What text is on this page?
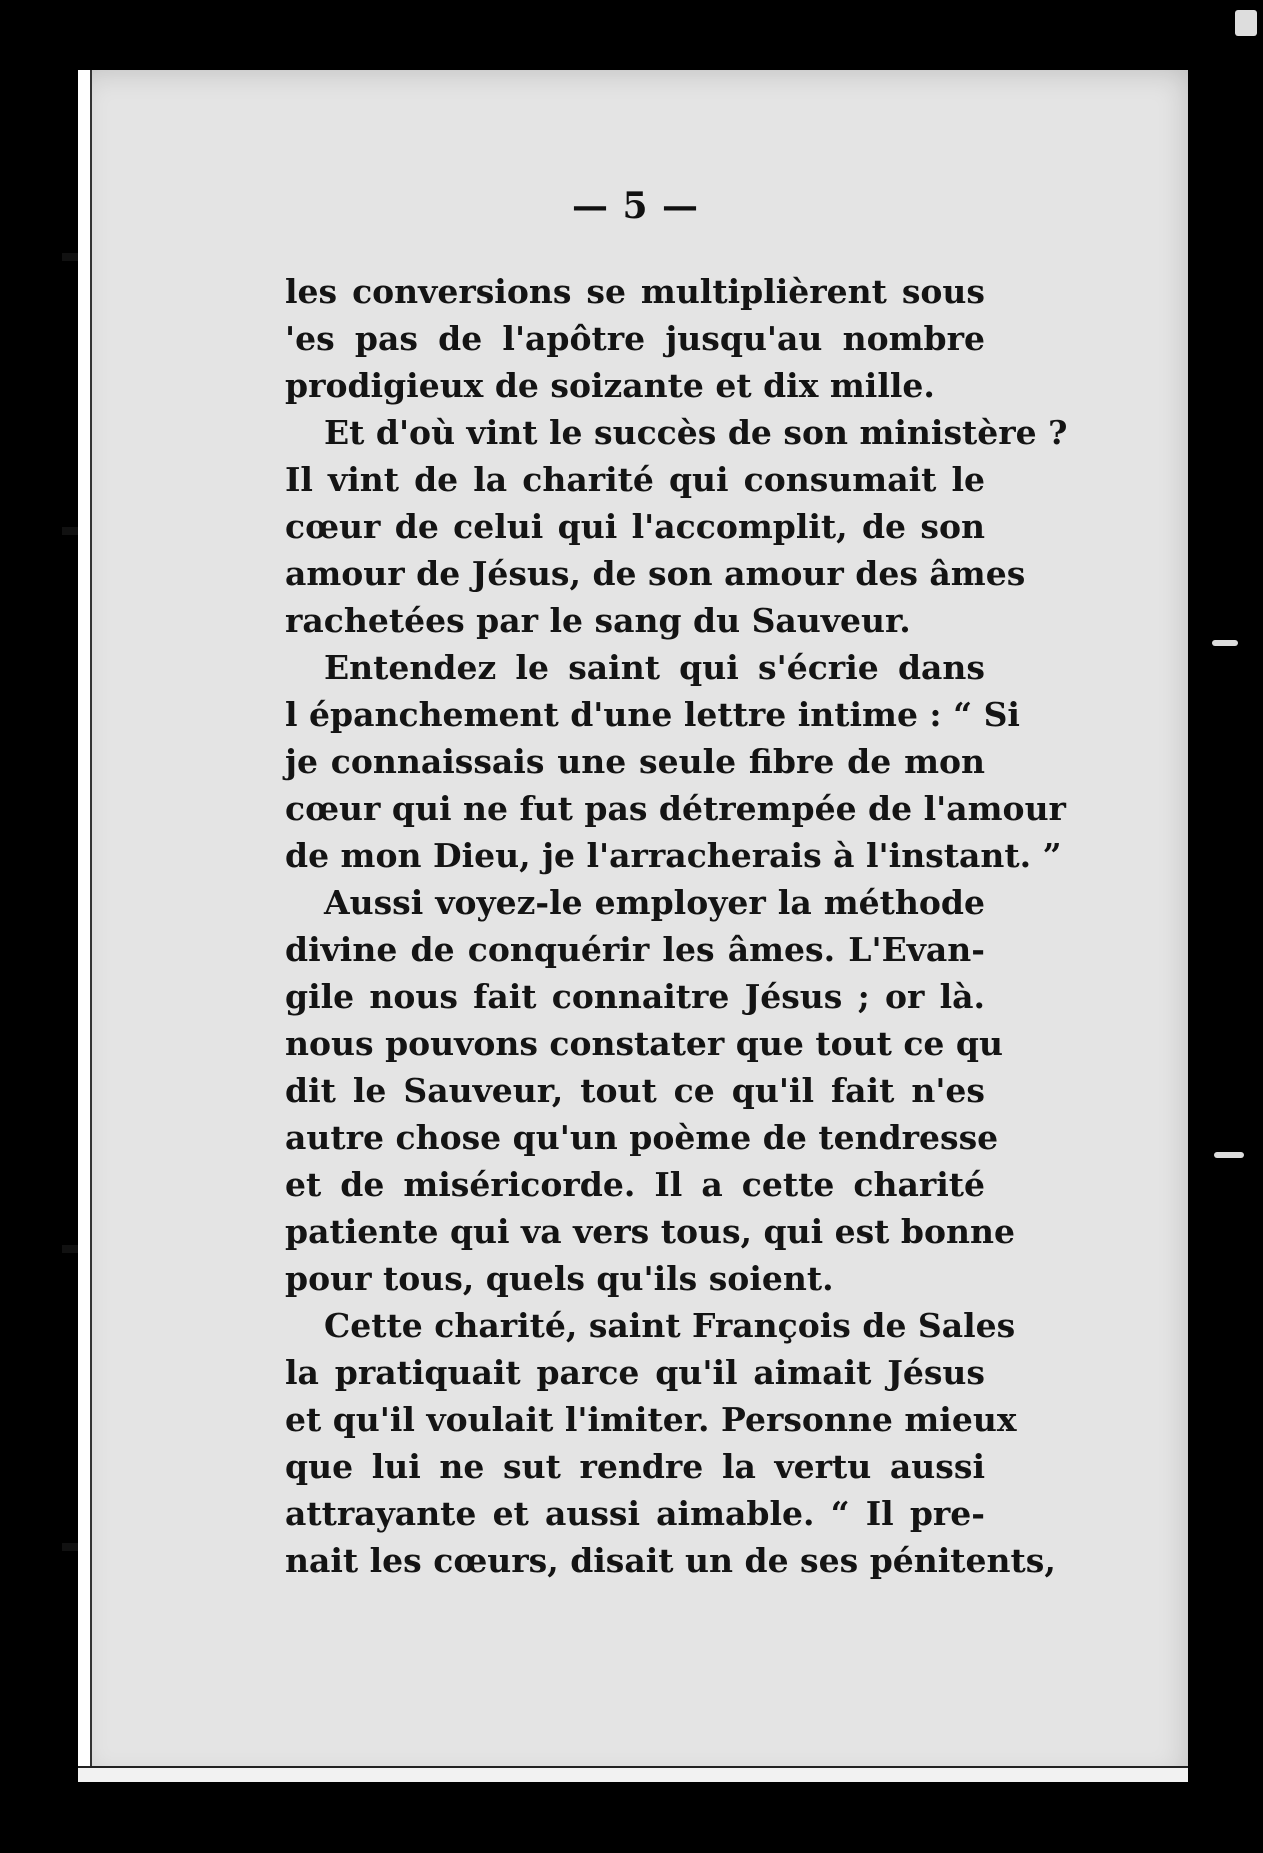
— 5 —
les conversions se multiplièrent sous
'es pas de l'apôtre jusqu'au nombre
prodigieux de soizante et dix mille.
Et d'où vint le succès de son ministère ?
Il vint de la charité qui consumait le
cœur de celui qui l'accomplit, de son
amour de Jésus, de son amour des âmes
rachetées par le sang du Sauveur.
Entendez le saint qui s'écrie dans
l épanchement d'une lettre intime : “ Si
je connaissais une seule fibre de mon
cœur qui ne fut pas détrempée de l'amour
de mon Dieu, je l'arracherais à l'instant. ”
Aussi voyez-le employer la méthode
divine de conquérir les âmes. L'Evan-
gile nous fait connaitre Jésus ; or là.
nous pouvons constater que tout ce qu
dit le Sauveur, tout ce qu'il fait n'es
autre chose qu'un poème de tendresse
et de miséricorde. Il a cette charité
patiente qui va vers tous, qui est bonne
pour tous, quels qu'ils soient.
Cette charité, saint François de Sales
la pratiquait parce qu'il aimait Jésus
et qu'il voulait l'imiter. Personne mieux
que lui ne sut rendre la vertu aussi
attrayante et aussi aimable. “ Il pre-
nait les cœurs, disait un de ses pénitents,
